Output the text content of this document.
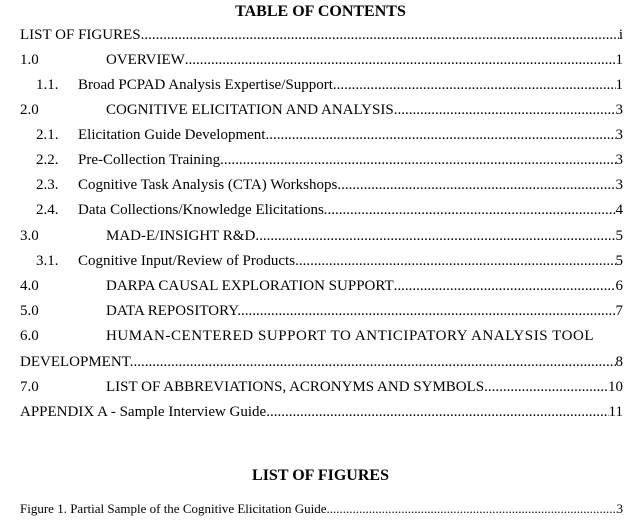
TABLE OF CONTENTS
LIST OF FIGURES .....	i
1.0	OVERVIEW .....	1
1.1.	Broad PCPAD Analysis Expertise/Support .....	1
2.0	COGNITIVE ELICITATION AND ANALYSIS .....	3
2.1.	Elicitation Guide Development. .....	3
2.2.	Pre-Collection Training. .....	3
2.3.	Cognitive Task Analysis (CTA) Workshops .....	3
2.4.	Data Collections/Knowledge Elicitations .....	4
3.0	MAD-E/INSIGHT R&D .....	5
3.1.	Cognitive Input/Review of Products .....	5
4.0	DARPA CAUSAL EXPLORATION SUPPORT .....	6
5.0	DATA REPOSITORY. .....	7
6.0	HUMAN-CENTERED SUPPORT TO ANTICIPATORY ANALYSIS TOOL
DEVELOPMENT. .....	8
7.0	LIST OF ABBREVIATIONS, ACRONYMS AND SYMBOLS .....	10
APPENDIX A - Sample Interview Guide .....	11
LIST OF FIGURES
Figure 1. Partial Sample of the Cognitive Elicitation Guide. .....	3
